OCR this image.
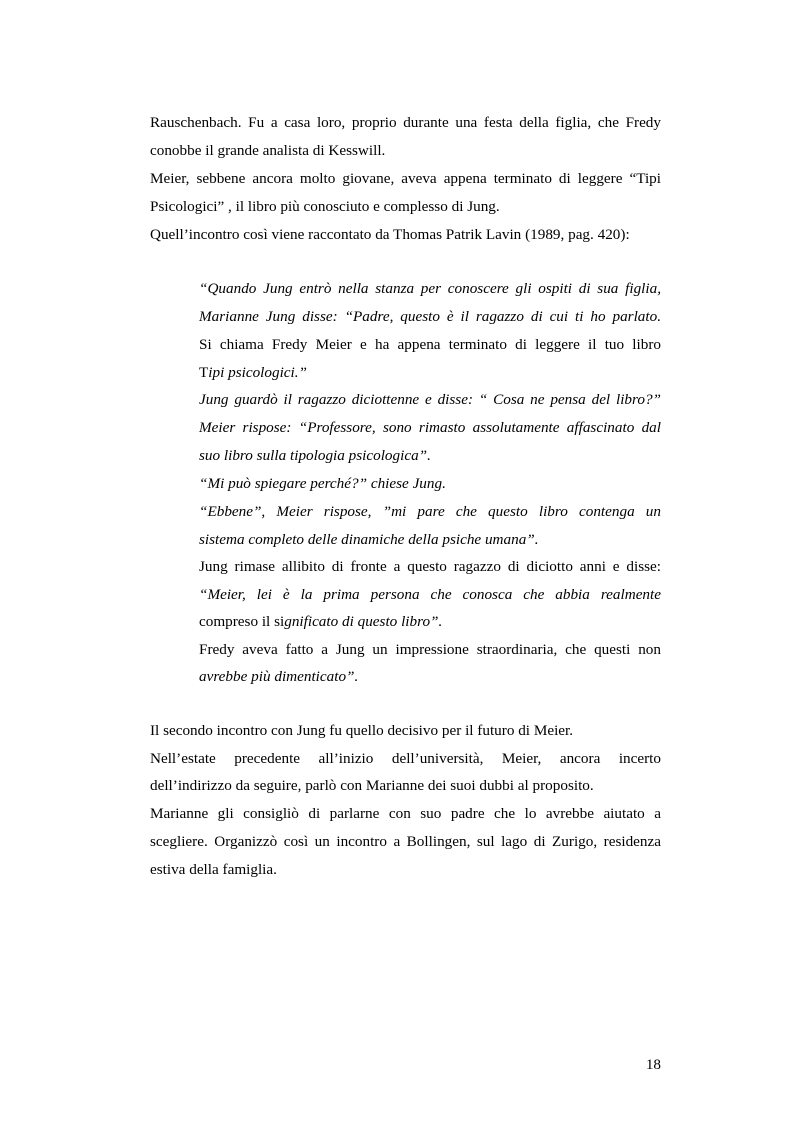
Rauschenbach. Fu a casa loro, proprio durante una festa della figlia, che Fredy
conobbe il grande analista di Kesswill.
Meier, sebbene ancora molto giovane, aveva appena terminato di leggere “Tipi
Psicologici” , il libro più conosciuto e complesso di Jung.
Quell’incontro così viene raccontato da Thomas Patrik Lavin (1989, pag. 420):
“Quando Jung entrò nella stanza per conoscere gli ospiti di sua figlia,
Marianne Jung disse: “Padre, questo è il ragazzo di cui ti ho parlato.
Si chiama Fredy Meier e ha appena terminato di leggere il tuo libro
Tipi psicologici.”
Jung guardò il ragazzo diciottenne e disse: “ Cosa ne pensa del libro?”
Meier rispose: “Professore, sono rimasto assolutamente affascinato dal
suo libro sulla tipologia psicologica”.
“Mi può spiegare perché?” chiese Jung.
“Ebbene”, Meier rispose, ”mi pare che questo libro contenga un
sistema completo delle dinamiche della psiche umana”.
Jung rimase allibito di fronte a questo ragazzo di diciotto anni e disse:
“Meier, lei è la prima persona che conosca che abbia realmente
compreso il significato di questo libro”.
Fredy aveva fatto a Jung un impressione straordinaria, che questi non
avrebbe più dimenticato”.
Il secondo incontro con Jung fu quello decisivo per il futuro di Meier.
Nell’estate precedente all’inizio dell’università, Meier, ancora incerto
dell’indirizzo da seguire, parlò con Marianne dei suoi dubbi al proposito.
Marianne gli consigliò di parlarne con suo padre che lo avrebbe aiutato a
scegliere. Organizzò così un incontro a Bollingen, sul lago di Zurigo, residenza
estiva della famiglia.
18
